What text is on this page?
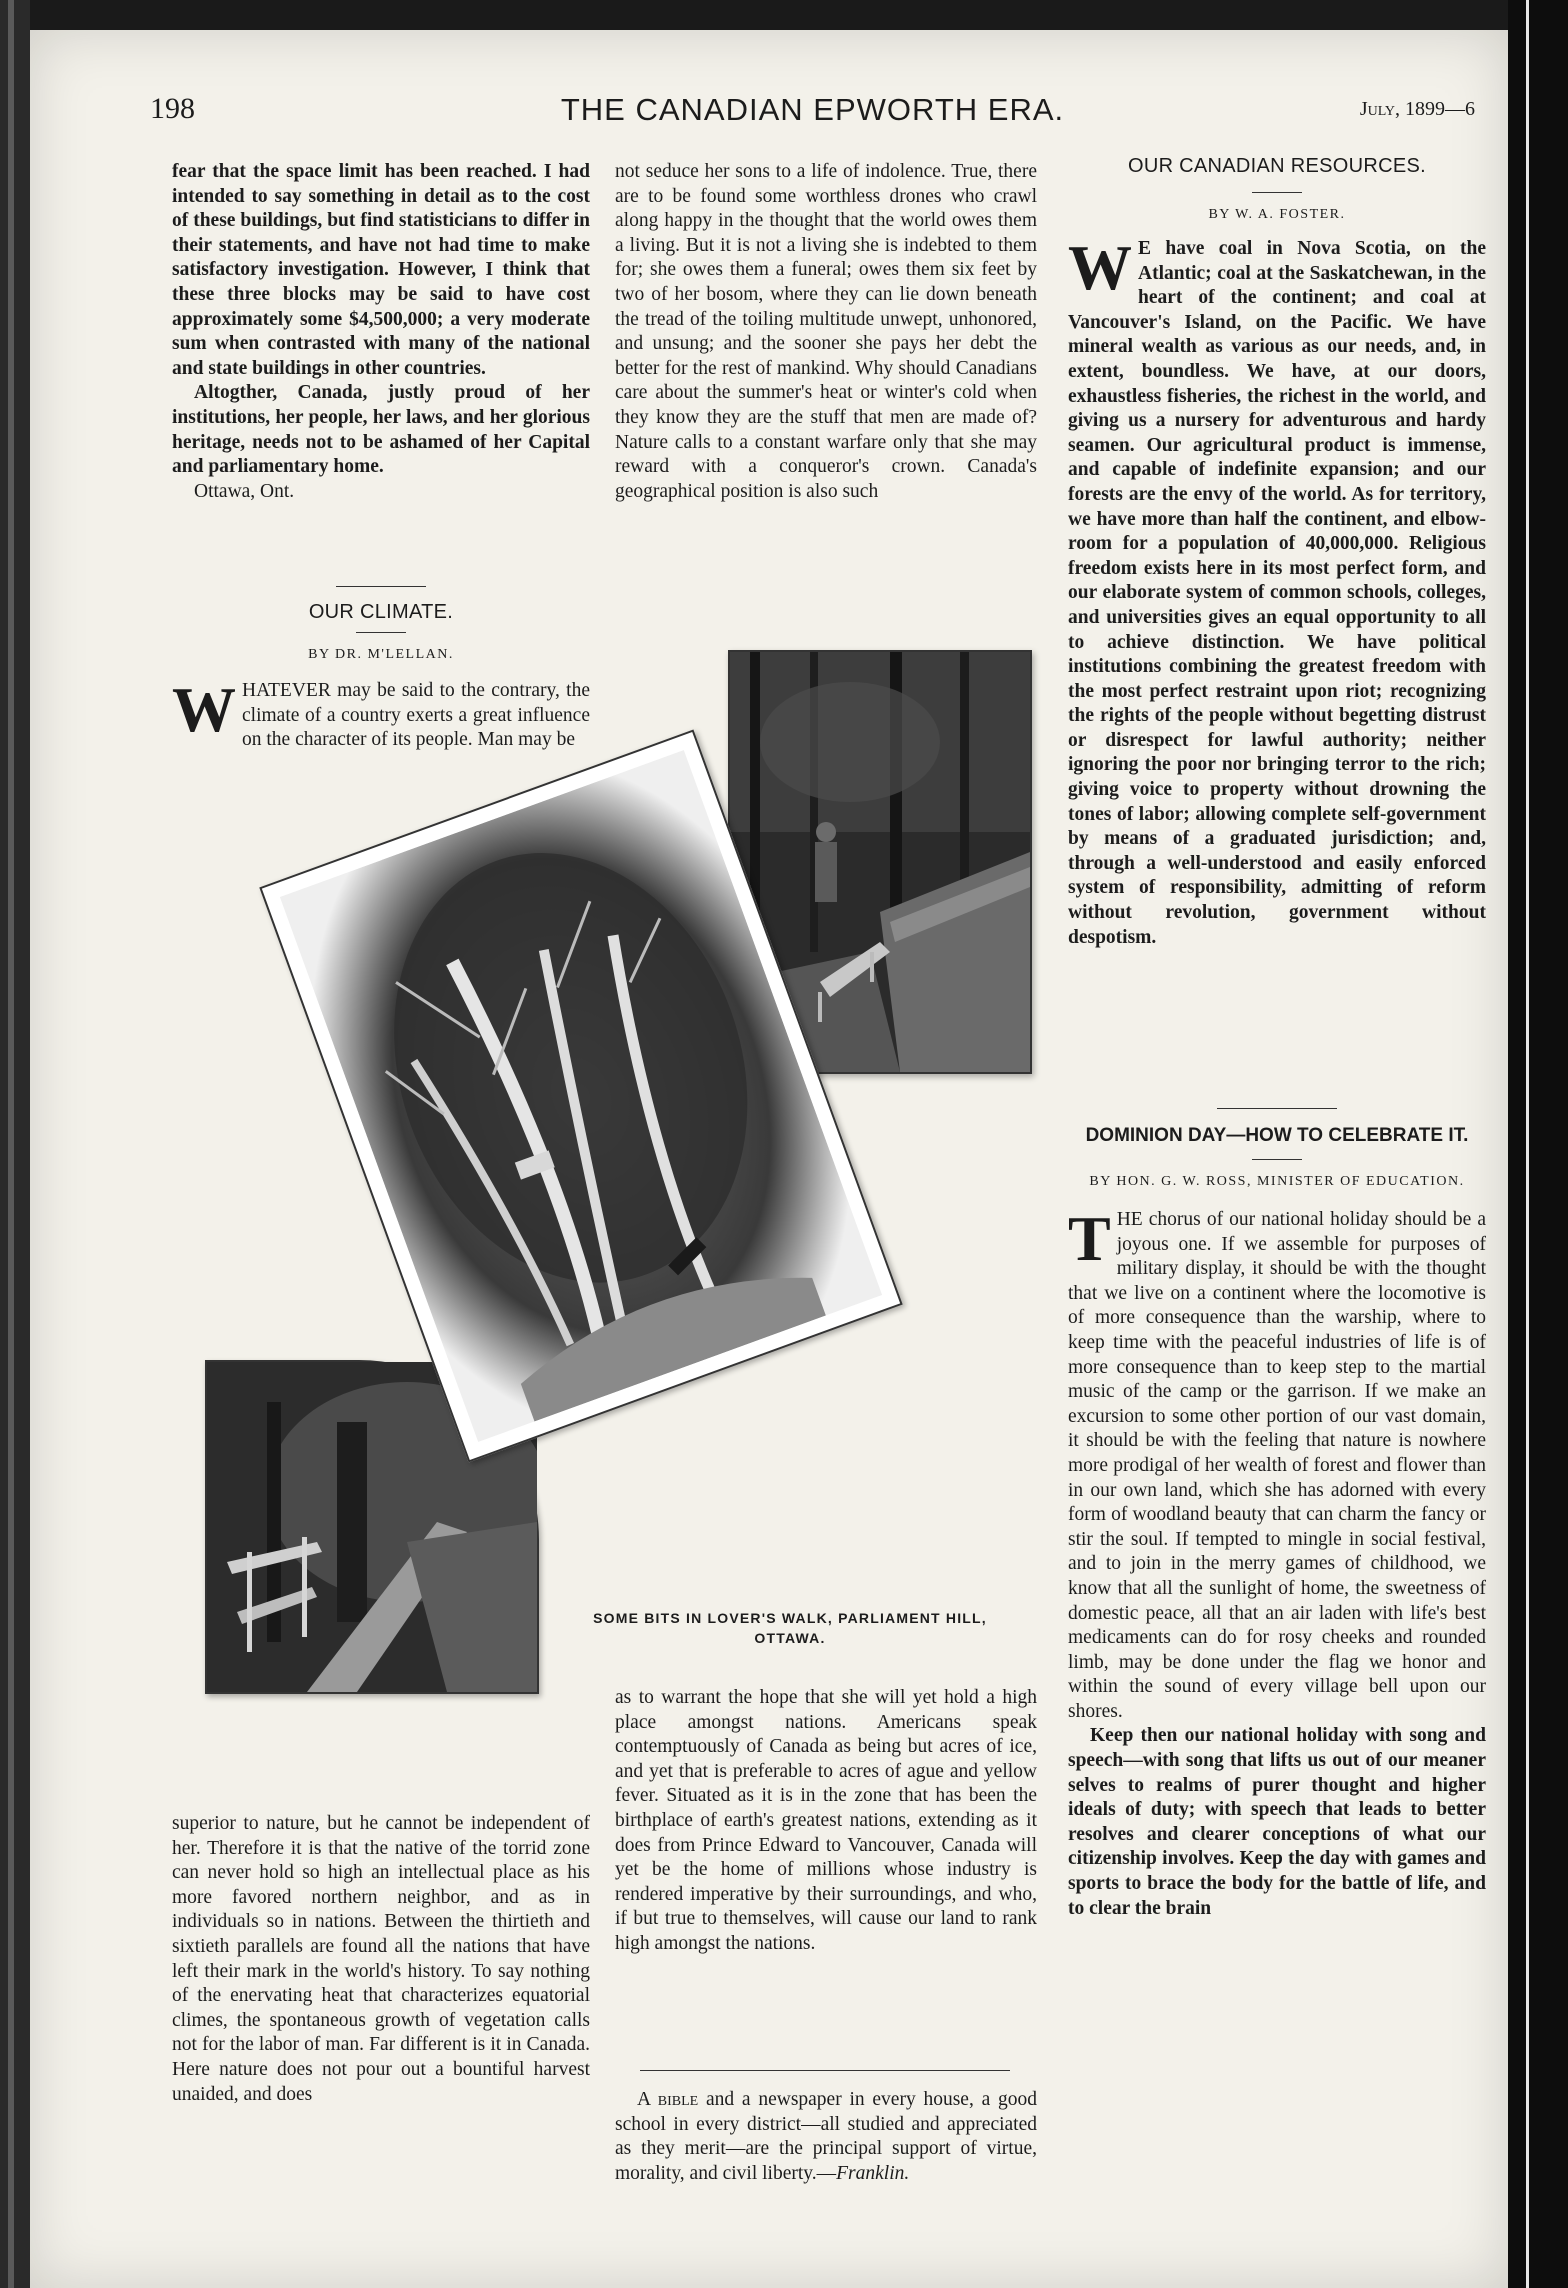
198	THE CANADIAN EPWORTH ERA.	July, 1899—6

fear that the space limit has been reached. I had intended to say something in detail as to the cost of these buildings, but find statisticians to differ in their statements, and have not had time to make satisfactory investigation. However, I think that these three blocks may be said to have cost approximately some $4,500,000; a very moderate sum when contrasted with many of the national and state buildings in other countries.

Altogther, Canada, justly proud of her institutions, her people, her laws, and her glorious heritage, needs not to be ashamed of her Capital and parliamentary home.

Ottawa, Ont.

OUR CLIMATE.
BY DR. M'LELLAN.
W HATEVER may be said to the contrary, the climate of a country exerts a great influence on the character of its people. Man may be

superior to nature, but he cannot be independent of her. Therefore it is that the native of the torrid zone can never hold so high an intellectual place as his more favored northern neighbor, and as in individuals so in nations. Between the thirtieth and sixtieth parallels are found all the nations that have left their mark in the world's history. To say nothing of the enervating heat that characterizes equatorial climes, the spontaneous growth of vegetation calls not for the labor of man. Far different is it in Canada. Here nature does not pour out a bountiful harvest unaided, and does

not seduce her sons to a life of indolence. True, there are to be found some worthless drones who crawl along happy in the thought that the world owes them a living. But it is not a living she is indebted to them for; she owes them a funeral; owes them six feet by two of her bosom, where they can lie down beneath the tread of the toiling multitude unwept, unhonored, and unsung; and the sooner she pays her debt the better for the rest of mankind. Why should Canadians care about the summer's heat or winter's cold when they know they are the stuff that men are made of? Nature calls to a constant warfare only that she may reward with a conqueror's crown. Canada's geographical position is also such

SOME BITS IN LOVER'S WALK, PARLIAMENT HILL, OTTAWA.

as to warrant the hope that she will yet hold a high place amongst nations. Americans speak contemptuously of Canada as being but acres of ice, and yet that is preferable to acres of ague and yellow fever. Situated as it is in the zone that has been the birthplace of earth's greatest nations, extending as it does from Prince Edward to Vancouver, Canada will yet be the home of millions whose industry is rendered imperative by their surroundings, and who, if but true to themselves, will cause our land to rank high amongst the nations.

A bible and a newspaper in every house, a good school in every district—all studied and appreciated as they merit—are the principal support of virtue, morality, and civil liberty.—Franklin.

OUR CANADIAN RESOURCES.
BY W. A. FOSTER.
W E have coal in Nova Scotia, on the Atlantic; coal at the Saskatchewan, in the heart of the continent; and coal at Vancouver's Island, on the Pacific. We have mineral wealth as various as our needs, and, in extent, boundless. We have, at our doors, exhaustless fisheries, the richest in the world, and giving us a nursery for adventurous and hardy seamen. Our agricultural product is immense, and capable of indefinite expansion; and our forests are the envy of the world. As for territory, we have more than half the continent, and elbow-room for a population of 40,000,000. Religious freedom exists here in its most perfect form, and our elaborate system of common schools, colleges, and universities gives an equal opportunity to all to achieve distinction. We have political institutions combining the greatest freedom with the most perfect restraint upon riot; recognizing the rights of the people without begetting distrust or disrespect for lawful authority; neither ignoring the poor nor bringing terror to the rich; giving voice to property without drowning the tones of labor; allowing complete self-government by means of a graduated jurisdiction; and, through a well-understood and easily enforced system of responsibility, admitting of reform without revolution, government without despotism.
DOMINION DAY—HOW TO CELEBRATE IT.
BY HON. G. W. ROSS, MINISTER OF EDUCATION.

T HE chorus of our national holiday should be a joyous one. If we assemble for purposes of military display, it should be with the thought that we live on a continent where the locomotive is of more consequence than the warship, where to keep time with the peaceful industries of life is of more consequence than to keep step to the martial music of the camp or the garrison. If we make an excursion to some other portion of our vast domain, it should be with the feeling that nature is nowhere more prodigal of her wealth of forest and flower than in our own land, which she has adorned with every form of woodland beauty that can charm the fancy or stir the soul. If tempted to mingle in social festival, and to join in the merry games of childhood, we know that all the sunlight of home, the sweetness of domestic peace, all that an air laden with life's best medicaments can do for rosy cheeks and rounded limb, may be done under the flag we honor and within the sound of every village bell upon our shores.

Keep then our national holiday with song and speech—with song that lifts us out of our meaner selves to realms of purer thought and higher ideals of duty; with speech that leads to better resolves and clearer conceptions of what our citizenship involves. Keep the day with games and sports to brace the body for the battle of life, and to clear the brain
